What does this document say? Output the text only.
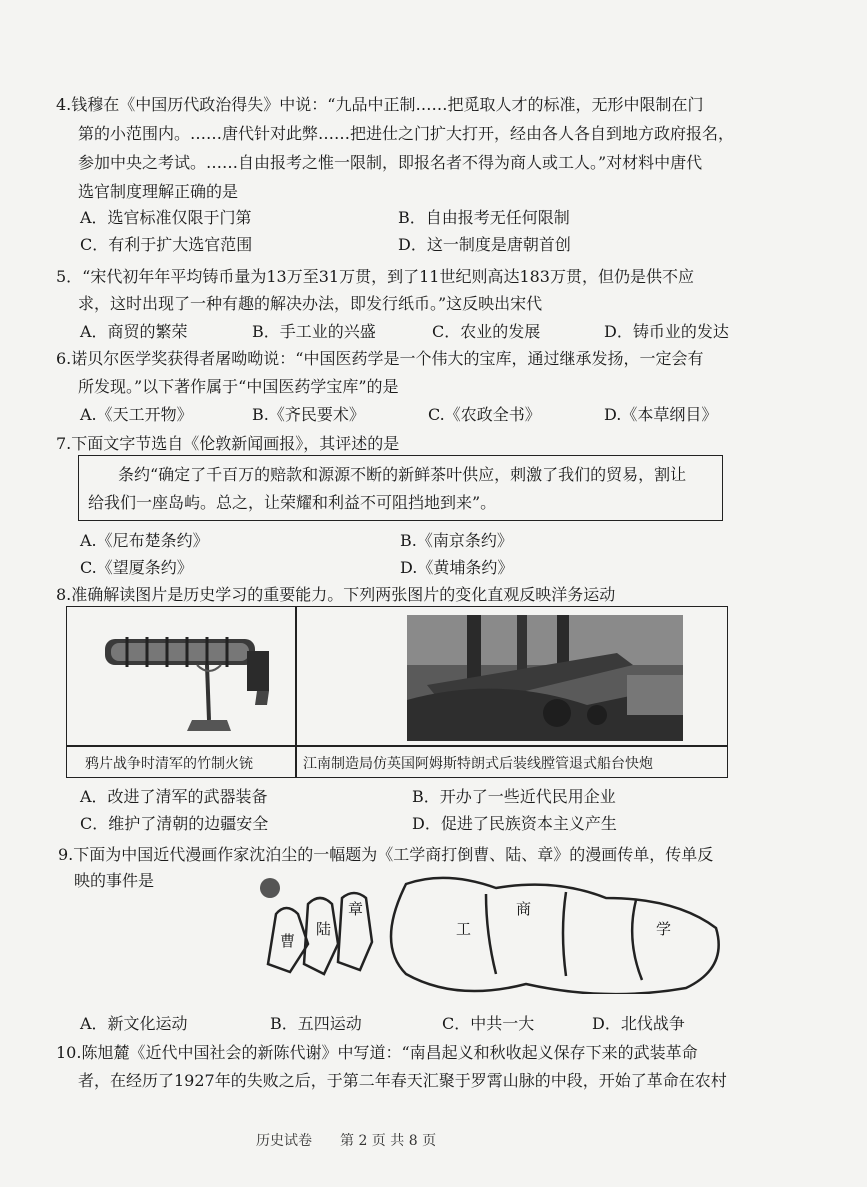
4.钱穆在《中国历代政治得失》中说：“九品中正制……把觅取人才的标准，无形中限制在门
第的小范围内。……唐代针对此弊……把进仕之门扩大打开，经由各人各自到地方政府报名，
参加中央之考试。……自由报考之惟一限制，即报名者不得为商人或工人。”对材料中唐代
选官制度理解正确的是
A．选官标准仅限于门第	B．自由报考无任何限制
C．有利于扩大选官范围	D．这一制度是唐朝首创
5．“宋代初年年平均铸币量为13万至31万贯，到了11世纪则高达183万贯，但仍是供不应
求，这时出现了一种有趣的解决办法，即发行纸币。”这反映出宋代
A．商贸的繁荣	B．手工业的兴盛	C．农业的发展	D．铸币业的发达
6.诺贝尔医学奖获得者屠呦呦说：“中国医药学是一个伟大的宝库，通过继承发扬，一定会有
所发现。”以下著作属于“中国医药学宝库”的是
A.《天工开物》	B.《齐民要术》	C.《农政全书》	D.《本草纲目》
7.下面文字节选自《伦敦新闻画报》，其评述的是
条约“确定了千百万的赔款和源源不断的新鲜茶叶供应，刺激了我们的贸易，割让
给我们一座岛屿。总之，让荣耀和利益不可阻挡地到来”。
A.《尼布楚条约》	B.《南京条约》
C.《望厦条约》	D.《黄埔条约》
8.准确解读图片是历史学习的重要能力。下列两张图片的变化直观反映洋务运动
鸦片战争时清军的竹制火铳	江南制造局仿英国阿姆斯特朗式后装线膛管退式船台快炮
A．改进了清军的武器装备	B．开办了一些近代民用企业
C．维护了清朝的边疆安全	D．促进了民族资本主义产生
9.下面为中国近代漫画作家沈泊尘的一幅题为《工学商打倒曹、陆、章》的漫画传单，传单反
映的事件是
曹
陆
章
工
商
学
A．新文化运动	B．五四运动	C．中共一大	D．北伐战争
10.陈旭麓《近代中国社会的新陈代谢》中写道：“南昌起义和秋收起义保存下来的武装革命
者，在经历了1927年的失败之后，于第二年春天汇聚于罗霄山脉的中段，开始了革命在农村
历史试卷 第 2 页 共 8 页
